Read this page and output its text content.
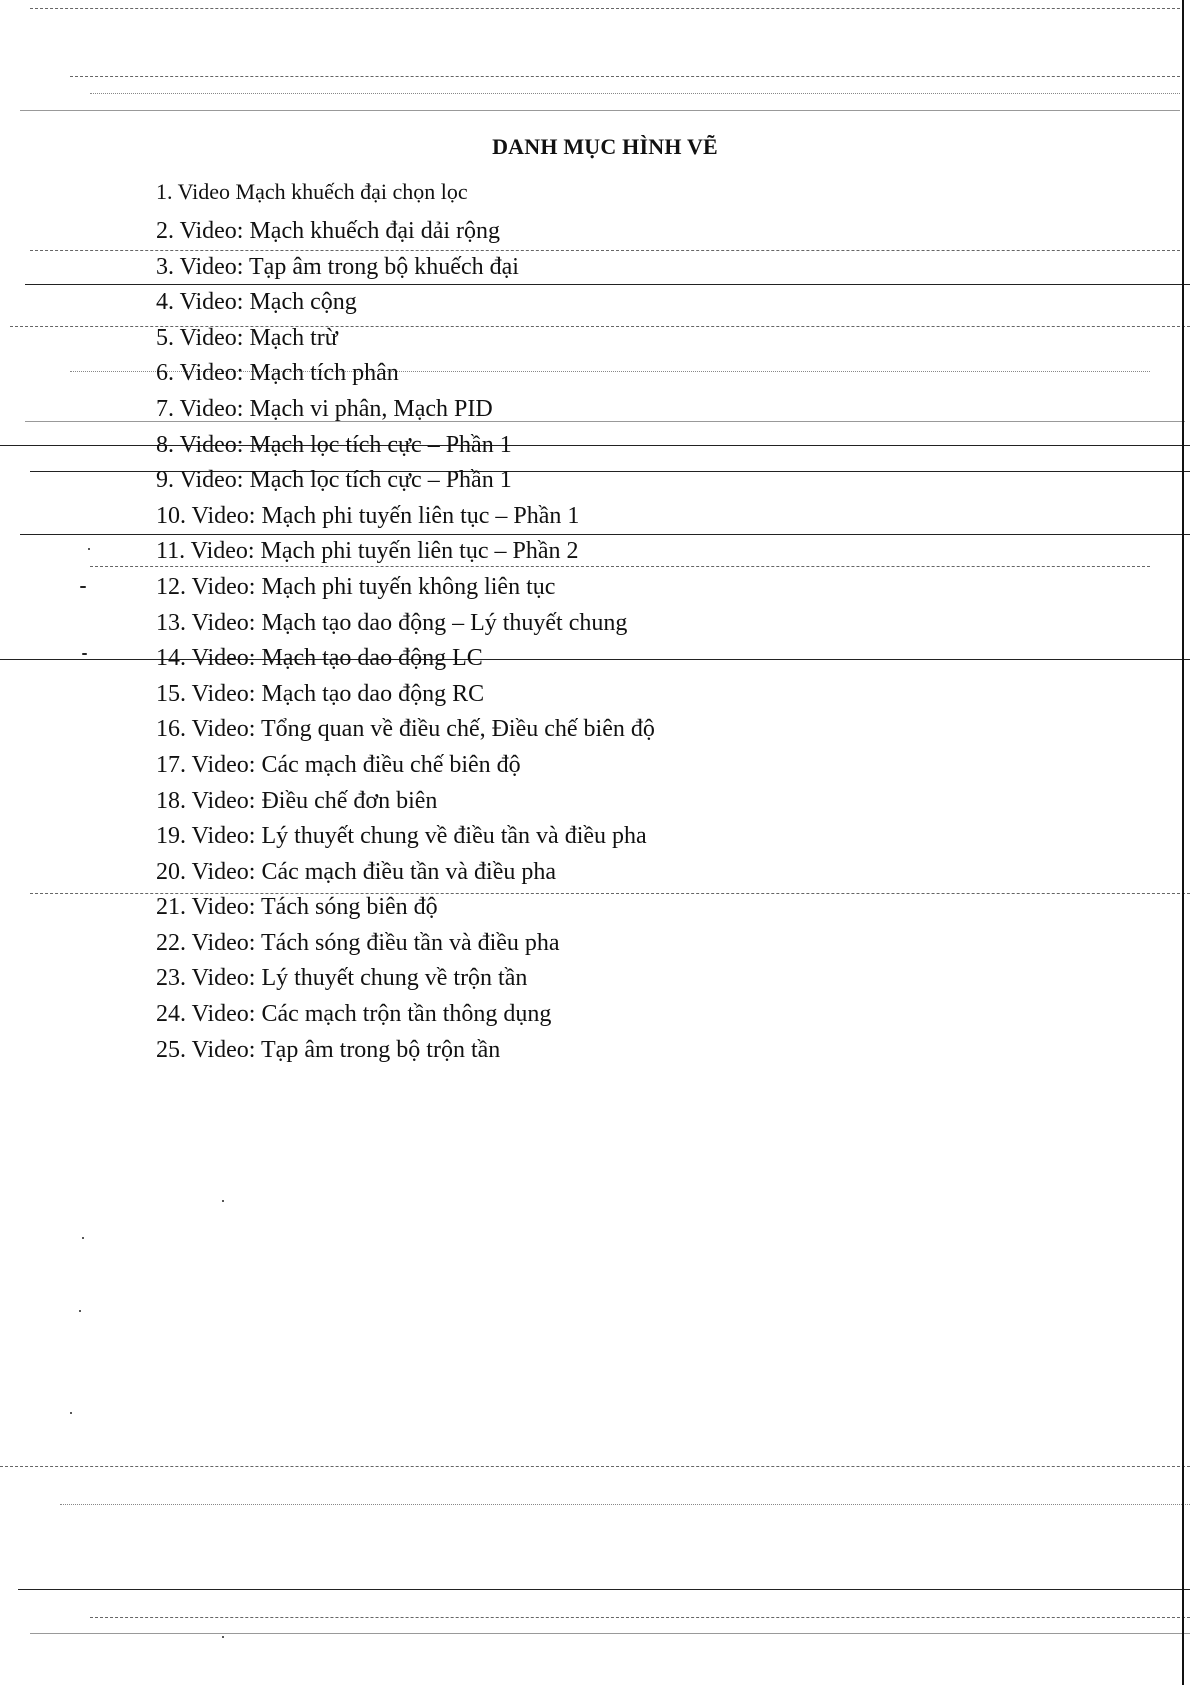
DANH MỤC HÌNH VẼ
1. Video Mạch khuếch đại chọn lọc
2. Video: Mạch khuếch đại dải rộng
3. Video: Tạp âm trong bộ khuếch đại
4. Video: Mạch cộng
5. Video: Mạch trừ
6. Video: Mạch tích phân
7. Video: Mạch vi phân, Mạch PID
8. Video: Mạch lọc tích cực – Phần 1
9. Video: Mạch lọc tích cực – Phần 1
10. Video: Mạch phi tuyến liên tục – Phần 1
11. Video: Mạch phi tuyến liên tục – Phần 2
12. Video: Mạch phi tuyến không liên tục
13. Video: Mạch tạo dao động – Lý thuyết chung
14. Video: Mạch tạo dao động LC
15. Video: Mạch tạo dao động RC
16. Video: Tổng quan về điều chế, Điều chế biên độ
17. Video: Các mạch điều chế biên độ
18. Video: Điều chế đơn biên
19. Video: Lý thuyết chung về điều tần và điều pha
20. Video: Các mạch điều tần và điều pha
21. Video: Tách sóng biên độ
22. Video: Tách sóng điều tần và điều pha
23. Video: Lý thuyết chung về trộn tần
24. Video: Các mạch trộn tần thông dụng
25. Video: Tạp âm trong bộ trộn tần
